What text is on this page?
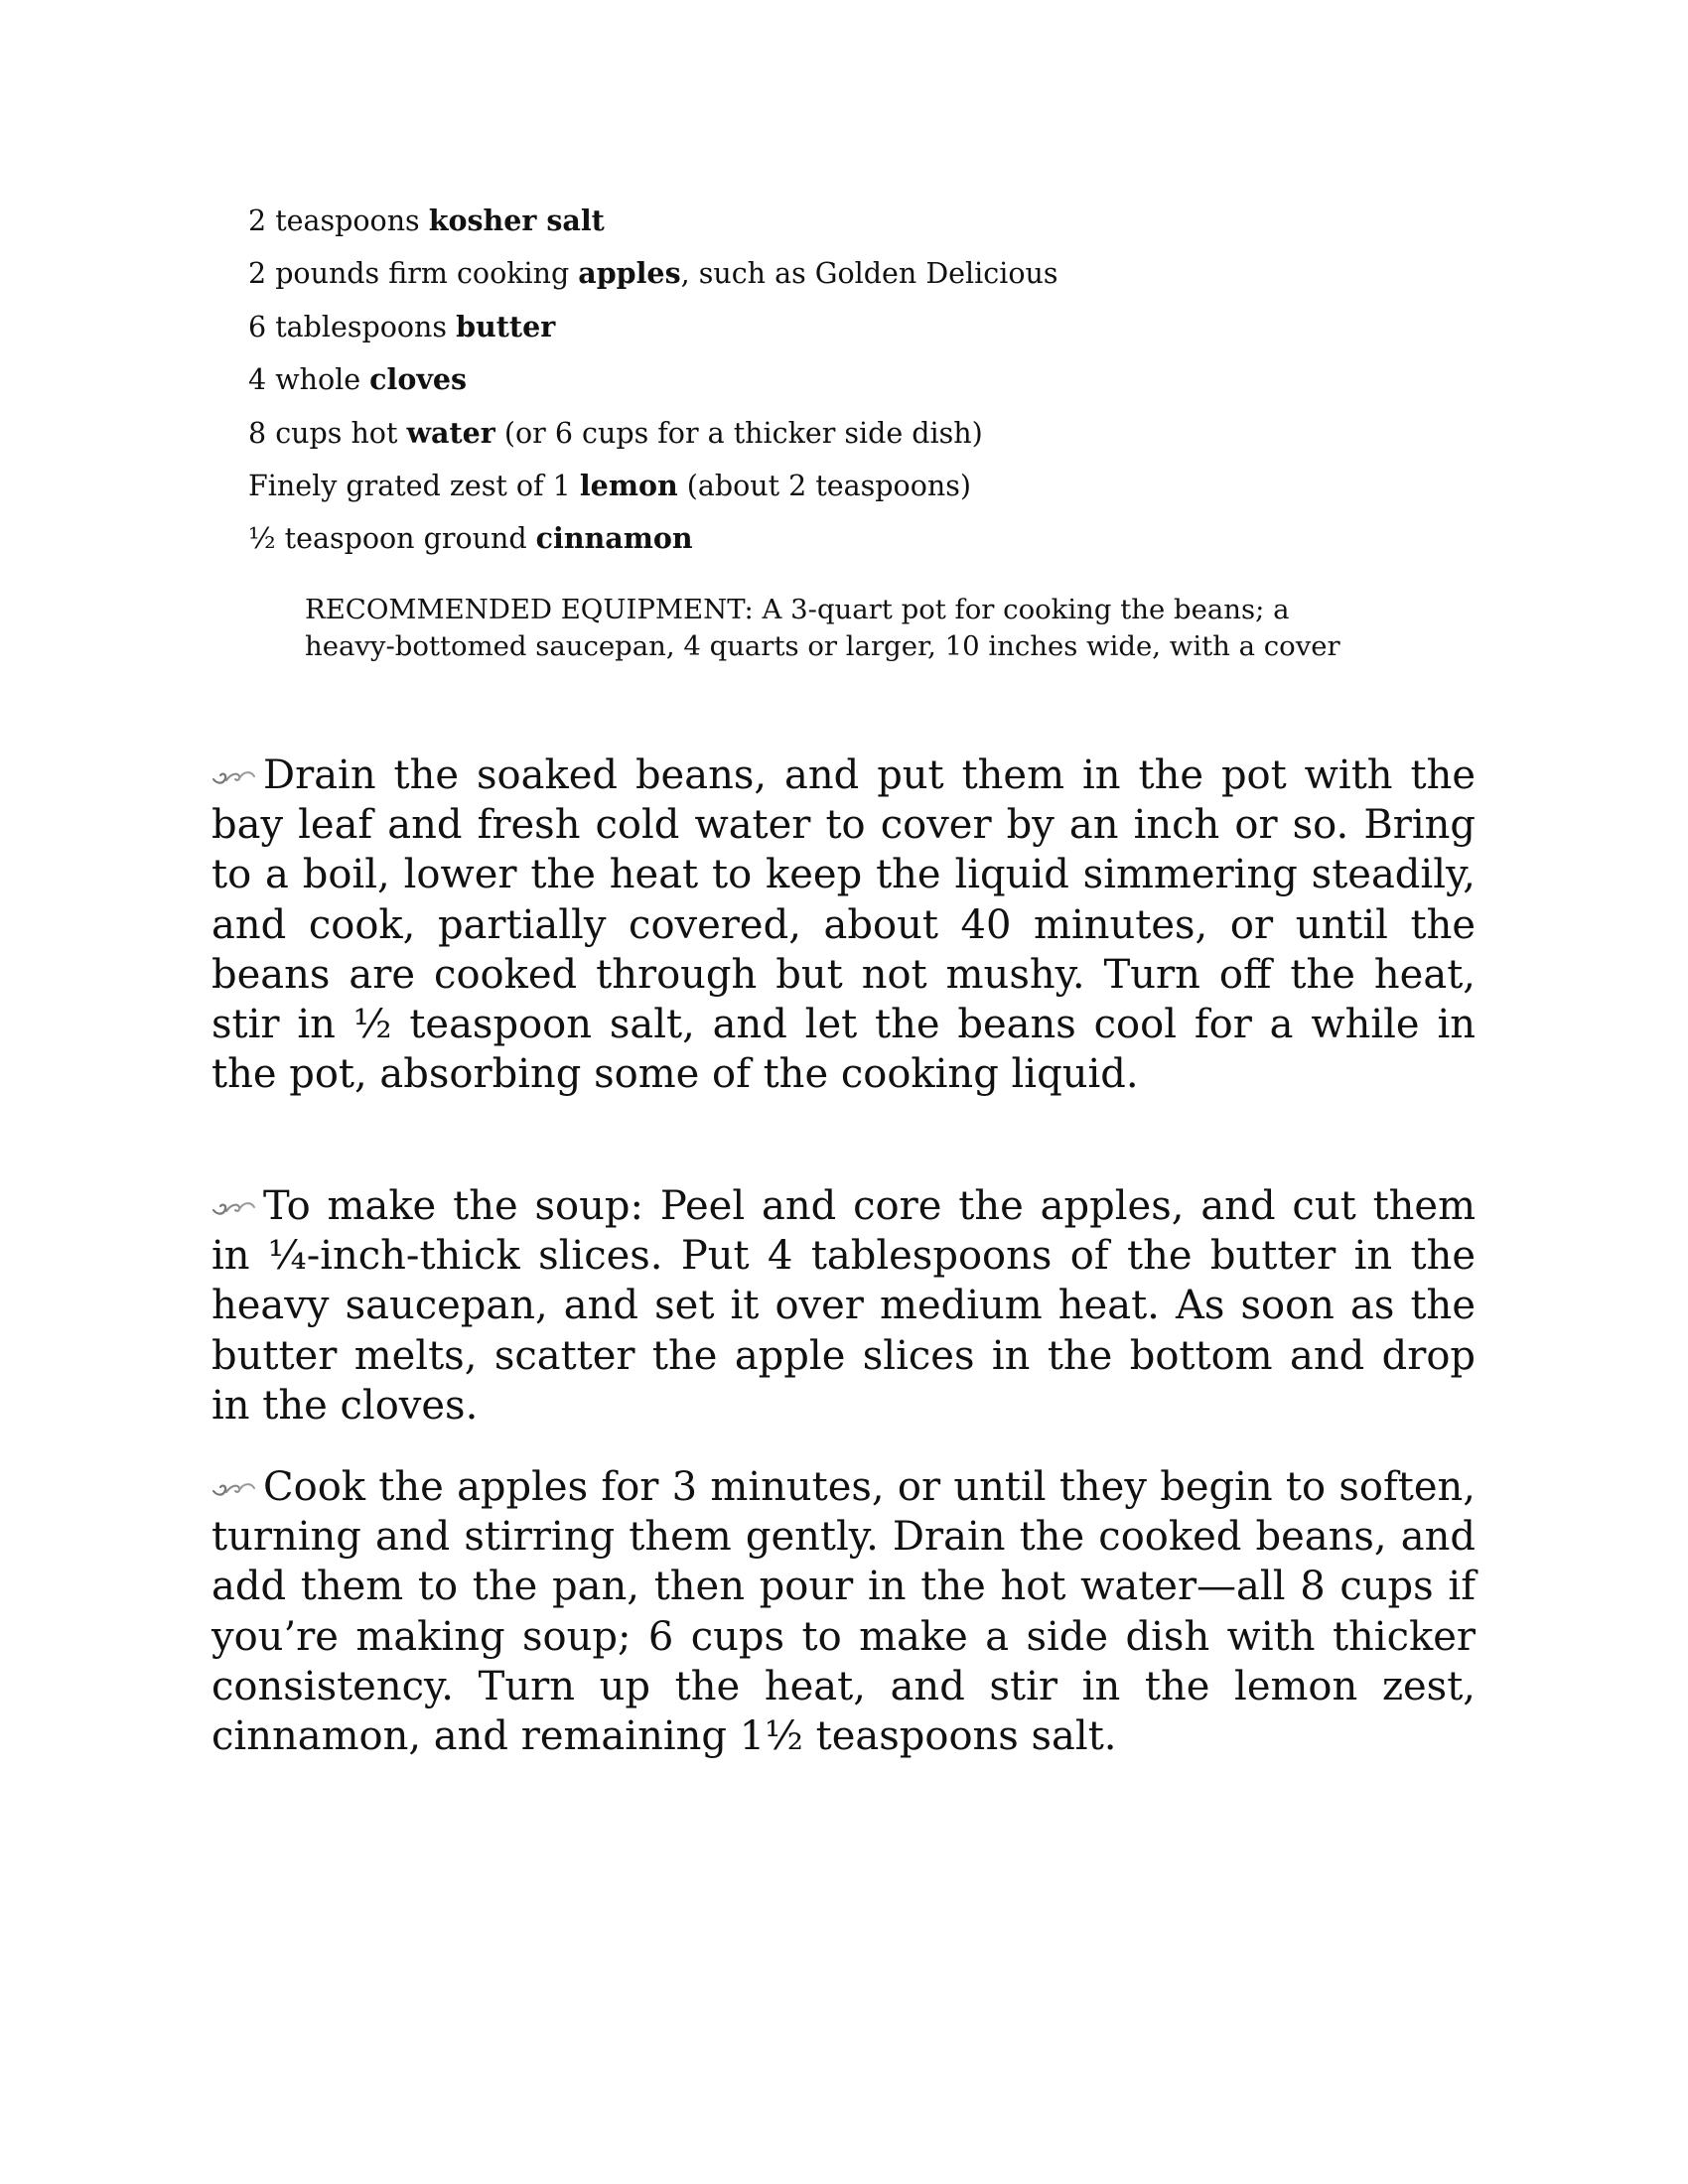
2 teaspoons kosher salt
2 pounds firm cooking apples, such as Golden Delicious
6 tablespoons butter
4 whole cloves
8 cups hot water (or 6 cups for a thicker side dish)
Finely grated zest of 1 lemon (about 2 teaspoons)
½ teaspoon ground cinnamon
RECOMMENDED EQUIPMENT: A 3-quart pot for cooking the beans; a heavy-bottomed saucepan, 4 quarts or larger, 10 inches wide, with a cover
Drain the soaked beans, and put them in the pot with the bay leaf and fresh cold water to cover by an inch or so. Bring to a boil, lower the heat to keep the liquid simmering steadily, and cook, partially covered, about 40 minutes, or until the beans are cooked through but not mushy. Turn off the heat, stir in ½ teaspoon salt, and let the beans cool for a while in the pot, absorbing some of the cooking liquid.
To make the soup: Peel and core the apples, and cut them in ¼-inch-thick slices. Put 4 tablespoons of the butter in the heavy saucepan, and set it over medium heat. As soon as the butter melts, scatter the apple slices in the bottom and drop in the cloves.
Cook the apples for 3 minutes, or until they begin to soften, turning and stirring them gently. Drain the cooked beans, and add them to the pan, then pour in the hot water—all 8 cups if you’re making soup; 6 cups to make a side dish with thicker consistency. Turn up the heat, and stir in the lemon zest, cinnamon, and remaining 1½ teaspoons salt.
